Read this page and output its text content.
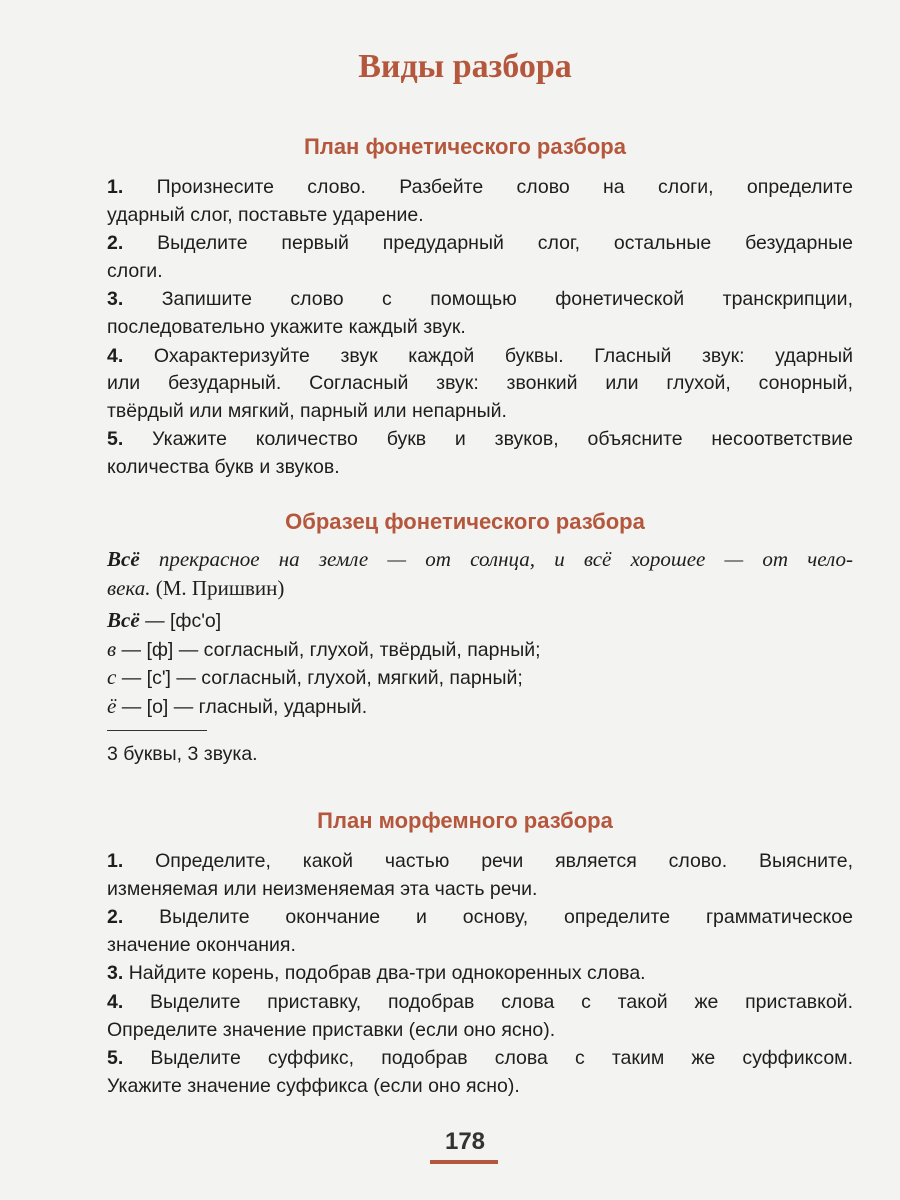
Виды разбора
План фонетического разбора
1. Произнесите слово. Разбейте слово на слоги, определите
ударный слог, поставьте ударение.
2. Выделите первый предударный слог, остальные безударные
слоги.
3. Запишите слово с помощью фонетической транскрипции,
последовательно укажите каждый звук.
4. Охарактеризуйте звук каждой буквы. Гласный звук: ударный
или безударный. Согласный звук: звонкий или глухой, сонорный,
твёрдый или мягкий, парный или непарный.
5. Укажите количество букв и звуков, объясните несоответствие
количества букв и звуков.
Образец фонетического разбора
Всё прекрасное на земле — от солнца, и всё хорошее — от чело-
века. (М. Пришвин)
Всё — [фс'о]
в — [ф] — согласный, глухой, твёрдый, парный;
с — [с'] — согласный, глухой, мягкий, парный;
ё — [о] — гласный, ударный.
3 буквы, 3 звука.
План морфемного разбора
1. Определите, какой частью речи является слово. Выясните,
изменяемая или неизменяемая эта часть речи.
2. Выделите окончание и основу, определите грамматическое
значение окончания.
3. Найдите корень, подобрав два-три однокоренных слова.
4. Выделите приставку, подобрав слова с такой же приставкой.
Определите значение приставки (если оно ясно).
5. Выделите суффикс, подобрав слова с таким же суффиксом.
Укажите значение суффикса (если оно ясно).
178
